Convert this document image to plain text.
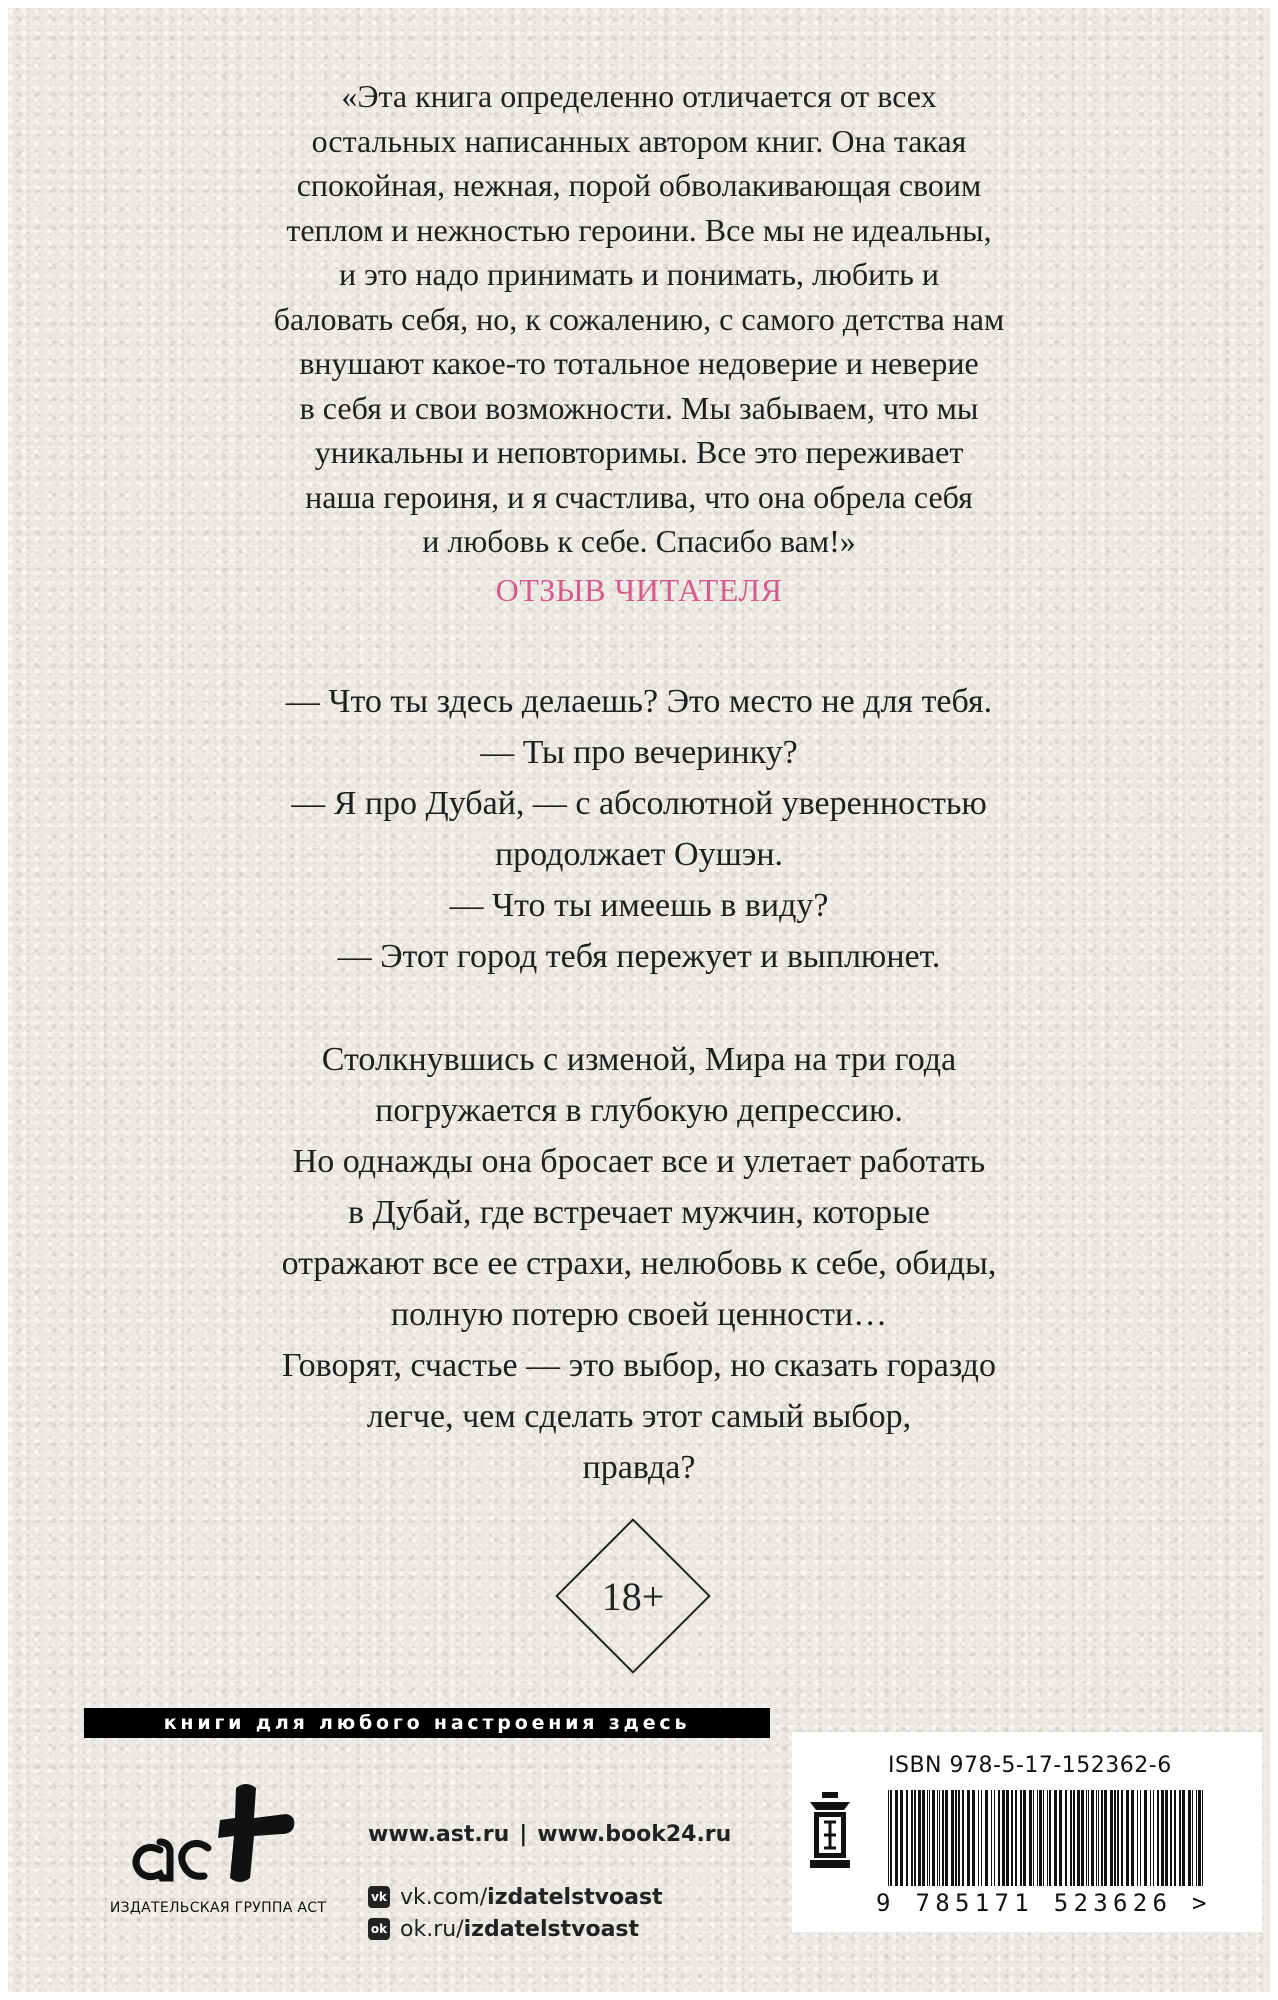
«Эта книга определенно отличается от всех

остальных написанных автором книг. Она такая

спокойная, нежная, порой обволакивающая своим

теплом и нежностью героини. Все мы не идеальны,

и это надо принимать и понимать, любить и

баловать себя, но, к сожалению, с самого детства нам

внушают какое-то тотальное недоверие и неверие

в себя и свои возможности. Мы забываем, что мы

уникальны и неповторимы. Все это переживает

наша героиня, и я счастлива, что она обрела себя

и любовь к себе. Спасибо вам!»

ОТЗЫВ ЧИТАТЕЛЯ

— Что ты здесь делаешь? Это место не для тебя.

— Ты про вечеринку?

— Я про Дубай, — с абсолютной уверенностью

продолжает Оушэн.

— Что ты имеешь в виду?

— Этот город тебя пережует и выплюнет.

Столкнувшись с изменой, Мира на три года

погружается в глубокую депрессию.

Но однажды она бросает все и улетает работать

в Дубай, где встречает мужчин, которые

отражают все ее страхи, нелюбовь к себе, обиды,

полную потерю своей ценности…

Говорят, счастье — это выбор, но сказать гораздо

легче, чем сделать этот самый выбор,

правда?

18+
книги для любого настроения здесь
ИЗДАТЕЛЬСКАЯ ГРУППА АСТ
www.ast.ru | www.book24.ru
vk vk.com/ izdatelstvoast
ok ok.ru/ izdatelstvoast
ISBN 978-5-17-152362-6
9 785171 523626 >
